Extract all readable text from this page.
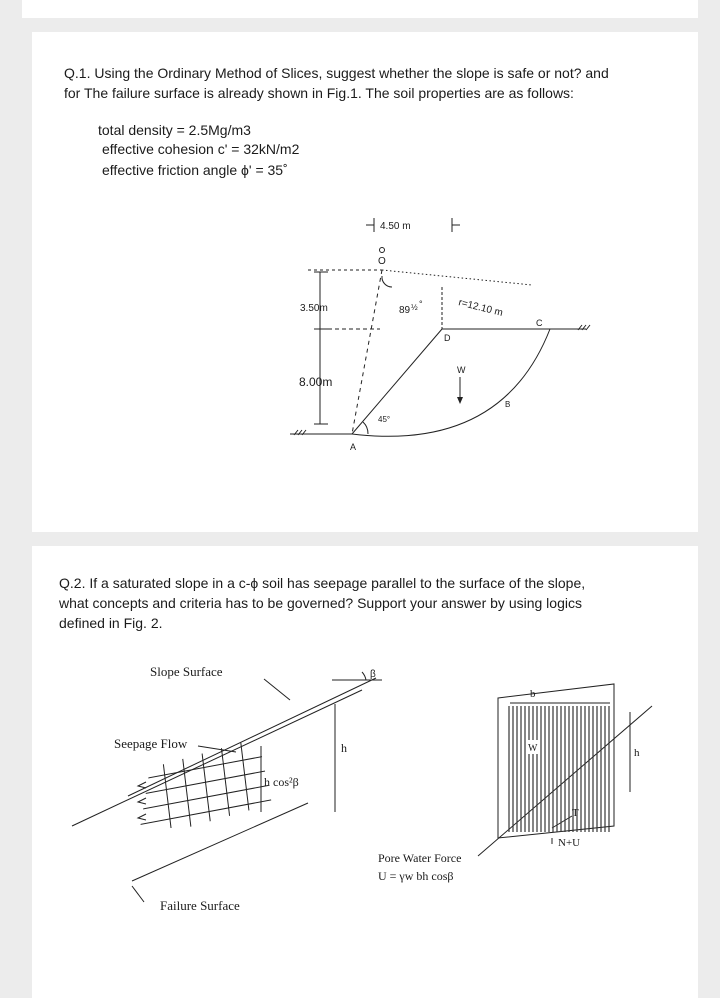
Q.1. Using the Ordinary Method of Slices, suggest whether the slope is safe or not? and
for The failure surface is already shown in Fig.1. The soil properties are as follows:
total density = 2.5Mg/m3
effective cohesion c' = 32kN/m2
effective friction angle ϕ' = 35˚
4.50 m
O
3.50m
8.00m
89 ½ °	r=12.10 m
C
D
W
B
45°
A
Q.2. If a saturated slope in a c-ϕ soil has seepage parallel to the surface of the slope,
what concepts and criteria has to be governed? Support your answer by using logics
defined in Fig. 2.
Slope Surface
Seepage Flow
Failure Surface
β
h
h cos²β
b
W	h
T
N+U
Pore Water Force
U = γw bh cosβ
